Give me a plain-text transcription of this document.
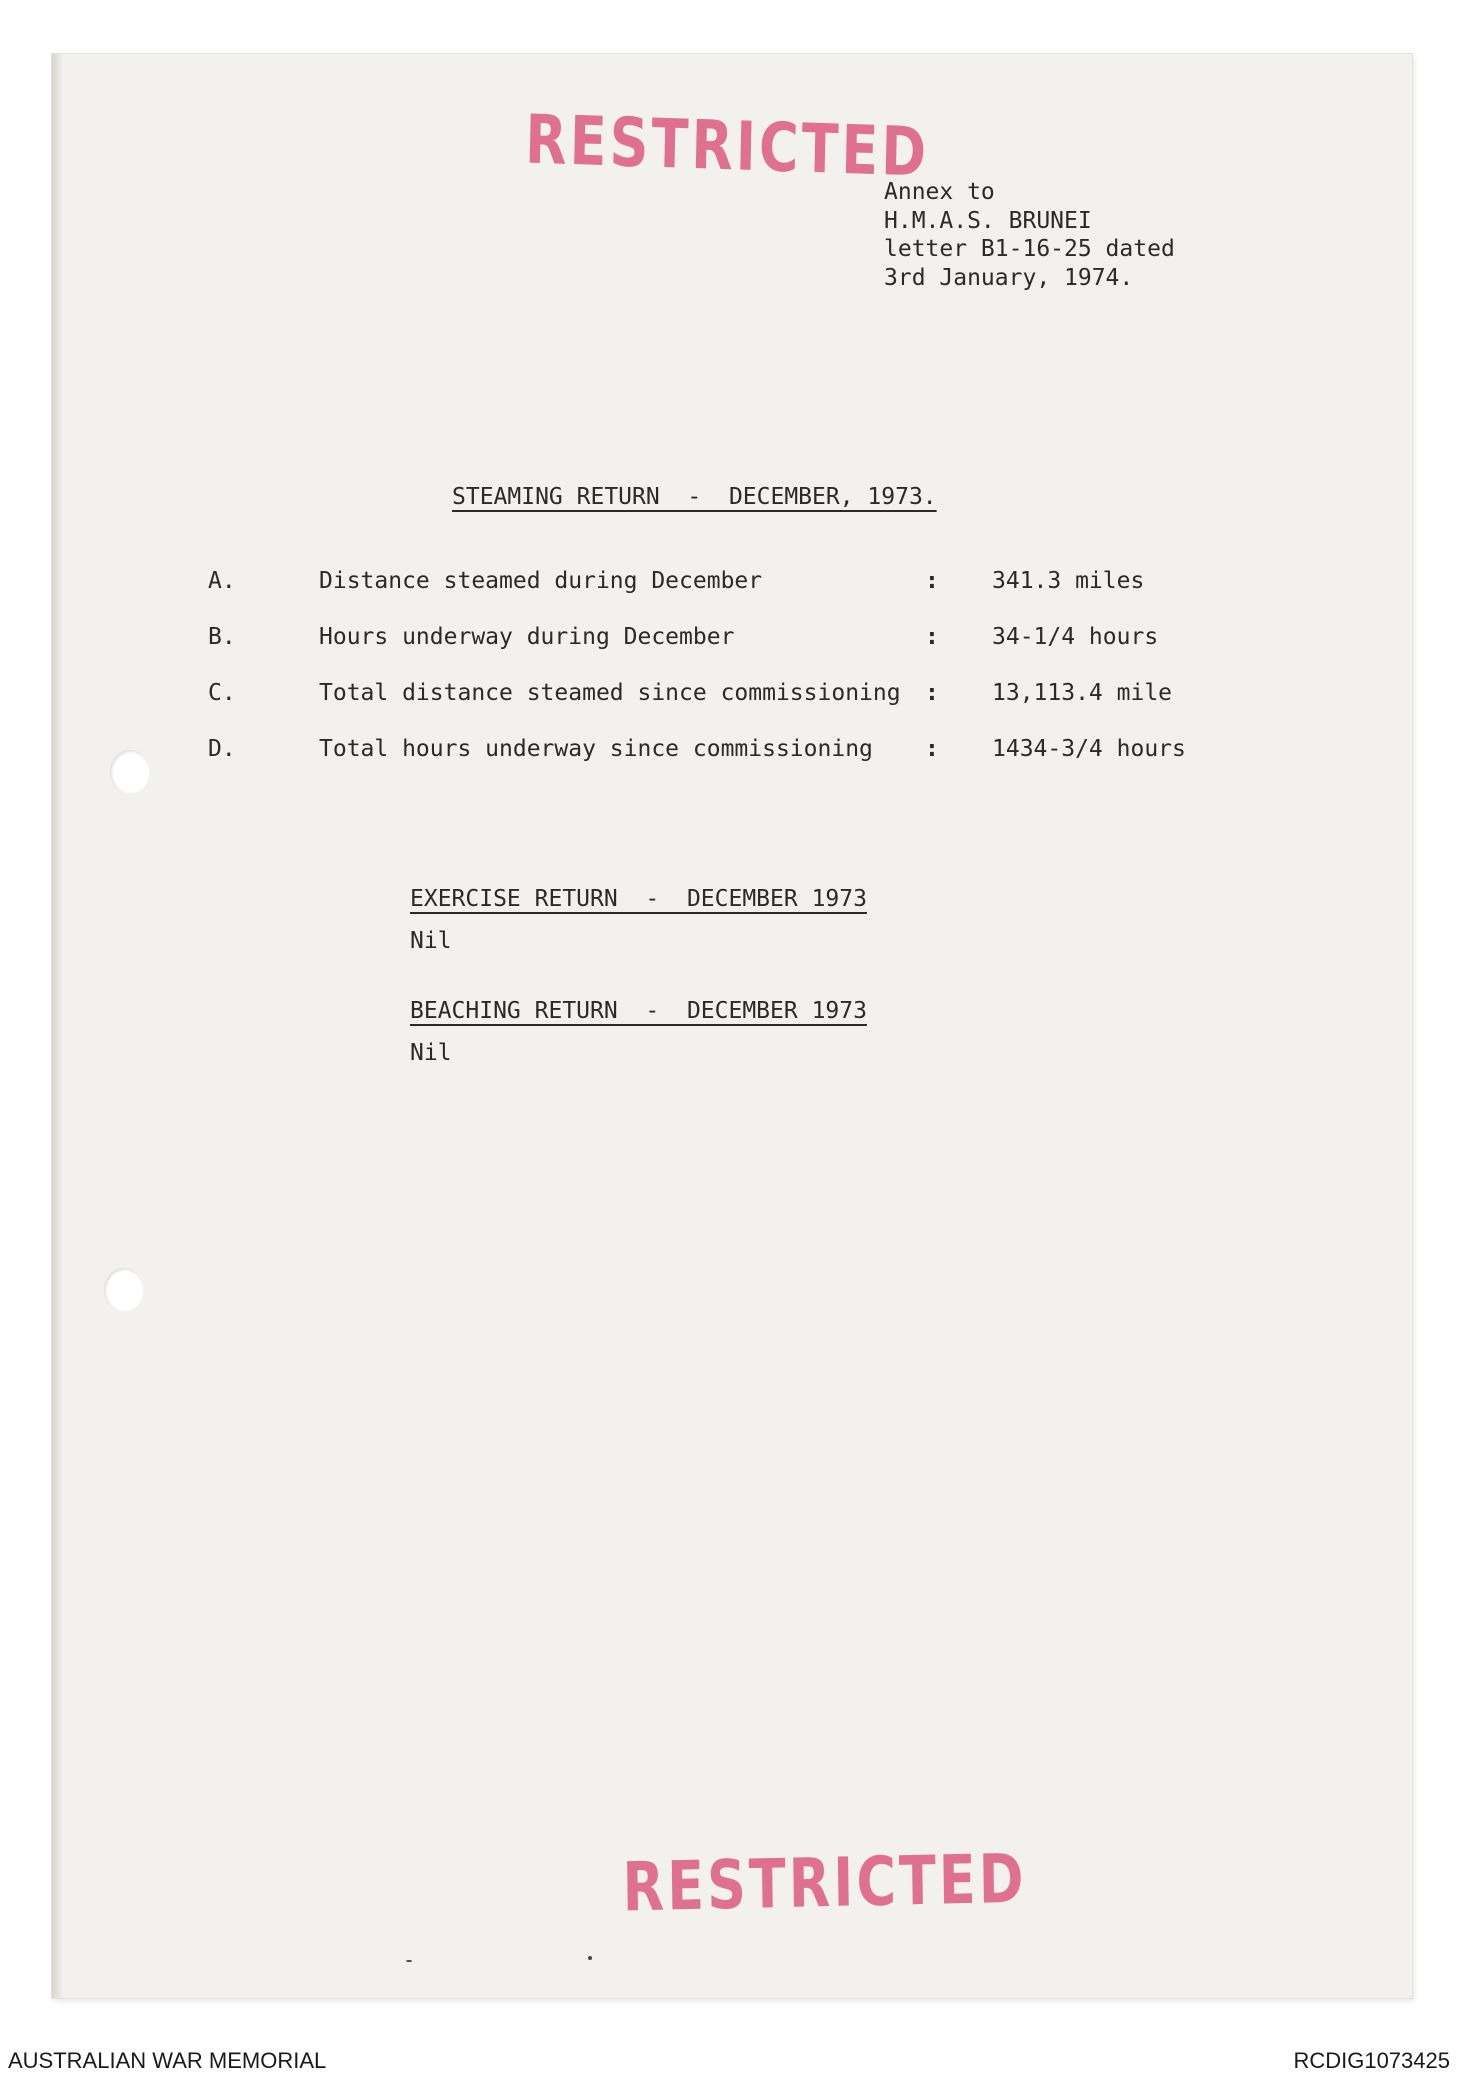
RESTRICTED
Annex to
H.M.A.S. BRUNEI
letter B1-16-25 dated
3rd January, 1974.
STEAMING RETURN  -  DECEMBER, 1973.
A.	Distance steamed during December	: 341.3 miles
B.	Hours underway during December	: 34-1/4 hours
C.	Total distance steamed since commissioning : 13,113.4 mile
D.	Total hours underway since commissioning : 1434-3/4 hours
EXERCISE RETURN  -  DECEMBER 1973
Nil
BEACHING RETURN  -  DECEMBER 1973
Nil
RESTRICTED
AUSTRALIAN WAR MEMORIAL	RCDIG1073425
